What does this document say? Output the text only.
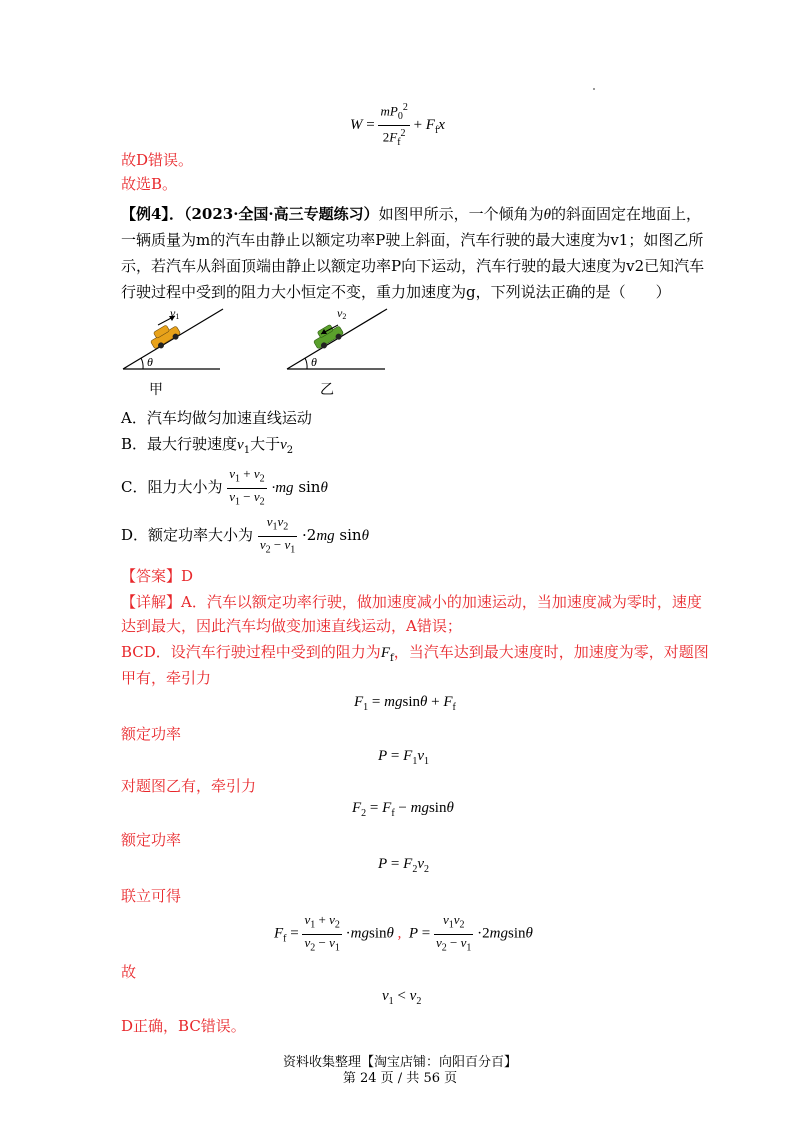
$W = \frac{mP_0^2}{2F_f^2} + F_fx$
故D错误。
故选B。
【例4】．（2023·全国·高三专题练习）如图甲所示，一个倾角为θ的斜面固定在地面上，
一辆质量为m的汽车由静止以额定功率P驶上斜面，汽车行驶的最大速度为v1；如图乙所
示，若汽车从斜面顶端由静止以额定功率P向下运动，汽车行驶的最大速度为v2已知汽车
行驶过程中受到的阻力大小恒定不变，重力加速度为g，下列说法正确的是（　　）
θ
v1
θ
v2
甲	乙
A．汽车均做匀加速直线运动
B．最大行驶速度$v_1$大于$v_2$
C．阻力大小为 $\frac{v_1 + v_2}{v_1 - v_2} \cdot mg$ sinθ
D．额定功率大小为 $\frac{v_1v_2}{v_2 - v_1} \cdot 2mg$ sinθ
【答案】D
【详解】A．汽车以额定功率行驶，做加速度减小的加速运动，当加速度减为零时，速度
达到最大，因此汽车均做变加速直线运动，A错误；
BCD．设汽车行驶过程中受到的阻力为$F_f$，当汽车达到最大速度时，加速度为零，对题图
甲有，牵引力
$F_1 = mgsin\theta + F_f$
额定功率
$P = F_1v_1$
对题图乙有，牵引力
$F_2 = F_f - mgsin\theta$
额定功率
$P = F_2v_2$
联立可得
$F_f = \frac{v_1 + v_2}{v_2 - v_1} \cdot mgsin\theta$ , $P = \frac{v_1v_2}{v_2 - v_1} \cdot 2mgsin\theta$
故
$v_1 < v_2$
D正确，BC错误。
资料收集整理【淘宝店铺：向阳百分百】
第 24 页 / 共 56 页
